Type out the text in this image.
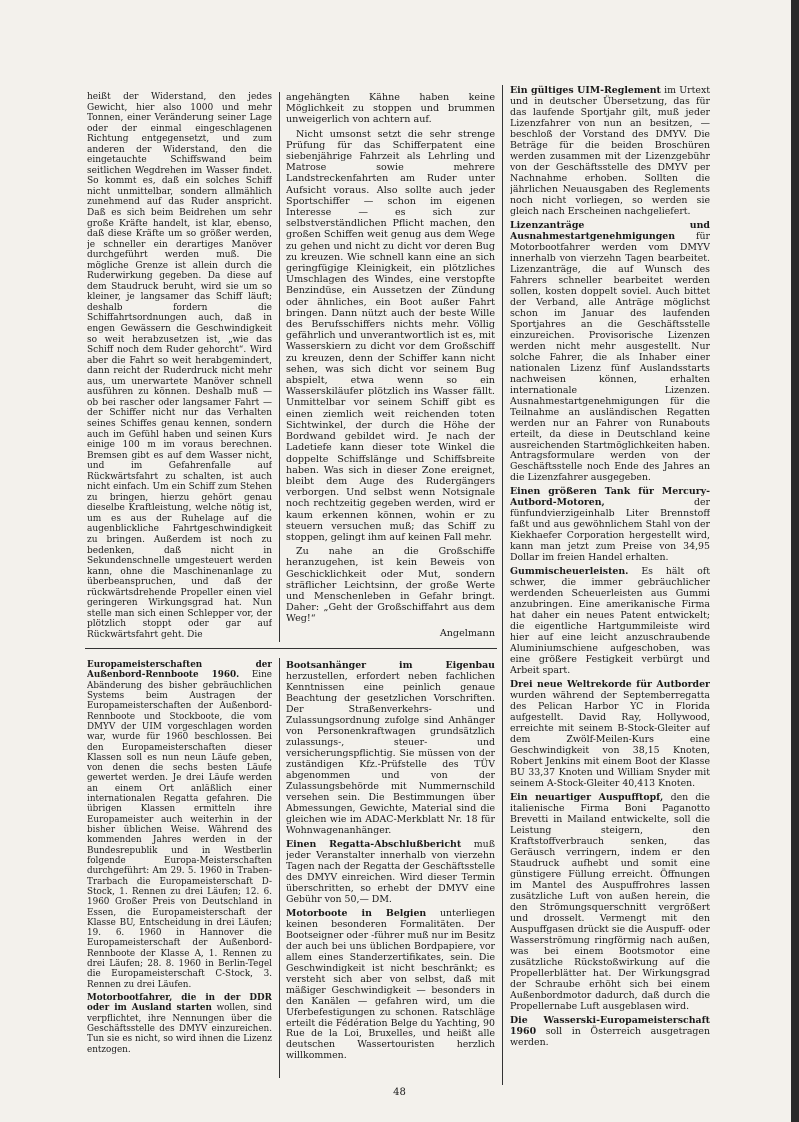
heißt der Widerstand, den jedes Gewicht, hier also 1000 und mehr Tonnen, einer Veränderung seiner Lage oder der einmal eingeschlagenen Richtung entgegensetzt, und zum anderen der Widerstand, den die eingetauchte Schiffswand beim seitlichen Wegdrehen im Wasser findet. So kommt es, daß ein solches Schiff nicht unmittelbar, sondern allmählich zunehmend auf das Ruder anspricht. Daß es sich beim Beidrehen um sehr große Kräfte handelt, ist klar, ebenso, daß diese Kräfte um so größer werden, je schneller ein derartiges Manöver durchgeführt werden muß. Die mögliche Grenze ist allein durch die Ruderwirkung gegeben. Da diese auf dem Staudruck beruht, wird sie um so kleiner, je langsamer das Schiff läuft; deshalb fordern die Schiffahrtsordnungen auch, daß in engen Gewässern die Geschwindigkeit so weit herabzusetzen ist, „wie das Schiff noch dem Ruder gehorcht“. Wird aber die Fahrt so weit herabgemindert, dann reicht der Ruderdruck nicht mehr aus, um unerwartete Manöver schnell ausführen zu können. Deshalb muß — ob bei rascher oder langsamer Fahrt — der Schiffer nicht nur das Verhalten seines Schiffes genau kennen, sondern auch im Gefühl haben und seinen Kurs einige 100 m im voraus berechnen. Bremsen gibt es auf dem Wasser nicht, und im Gefahrenfalle auf Rückwärtsfahrt zu schalten, ist auch nicht einfach. Um ein Schiff zum Stehen zu bringen, hierzu gehört genau dieselbe Kraftleistung, welche nötig ist, um es aus der Ruhelage auf die augenblickliche Fahrtgeschwindigkeit zu bringen. Außerdem ist noch zu bedenken, daß nicht in Sekundenschnelle umgesteuert werden kann, ohne die Maschinenanlage zu überbeanspruchen, und daß der rückwärtsdrehende Propeller einen viel geringeren Wirkungsgrad hat. Nun stelle man sich einen Schlepper vor, der plötzlich stoppt oder gar auf Rückwärtsfahrt geht. Die

angehängten Kähne haben keine Möglichkeit zu stoppen und brummen unweigerlich von achtern auf.

Nicht umsonst setzt die sehr strenge Prüfung für das Schifferpatent eine siebenjährige Fahrzeit als Lehrling und Matrose sowie mehrere Landstreckenfahrten am Ruder unter Aufsicht voraus. Also sollte auch jeder Sportschiffer — schon im eigenen Interesse — es sich zur selbstverständlichen Pflicht machen, den großen Schiffen weit genug aus dem Wege zu gehen und nicht zu dicht vor deren Bug zu kreuzen. Wie schnell kann eine an sich geringfügige Kleinigkeit, ein plötzliches Umschlagen des Windes, eine verstopfte Benzindüse, ein Aussetzen der Zündung oder ähnliches, ein Boot außer Fahrt bringen. Dann nützt auch der beste Wille des Berufsschiffers nichts mehr. Völlig gefährlich und unverantwortlich ist es, mit Wasserskiern zu dicht vor dem Großschiff zu kreuzen, denn der Schiffer kann nicht sehen, was sich dicht vor seinem Bug abspielt, etwa wenn so ein Wasserskiläufer plötzlich ins Wasser fällt. Unmittelbar vor seinem Schiff gibt es einen ziemlich weit reichenden toten Sichtwinkel, der durch die Höhe der Bordwand gebildet wird. Je nach der Ladetiefe kann dieser tote Winkel die doppelte Schiffslänge und Schiffsbreite haben. Was sich in dieser Zone ereignet, bleibt dem Auge des Rudergängers verborgen. Und selbst wenn Notsignale noch rechtzeitig gegeben werden, wird er kaum erkennen können, wohin er zu steuern versuchen muß; das Schiff zu stoppen, gelingt ihm auf keinen Fall mehr.

Zu nahe an die Großschiffe heranzugehen, ist kein Beweis von Geschicklichkeit oder Mut, sondern sträflicher Leichtsinn, der große Werte und Menschenleben in Gefahr bringt. Daher: „Geht der Großschiffahrt aus dem Weg!“

Angelmann

Europameisterschaften der Außenbord-Rennboote 1960. Eine Abänderung des bisher gebräuchlichen Systems beim Austragen der Europameisterschaften der Außenbord-Rennboote und Stockboote, die vom DMYV der UIM vorgeschlagen worden war, wurde für 1960 beschlossen. Bei den Europameisterschaften dieser Klassen soll es nun neun Läufe geben, von denen die sechs besten Läufe gewertet werden. Je drei Läufe werden an einem Ort anläßlich einer internationalen Regatta gefahren. Die übrigen Klassen ermitteln ihre Europameister auch weiterhin in der bisher üblichen Weise. Während des kommenden Jahres werden in der Bundesrepublik und in Westberlin folgende Europa-Meisterschaften durchgeführt: Am 29. 5. 1960 in Traben-Trarbach die Europameisterschaft D-Stock, 1. Rennen zu drei Läufen; 12. 6. 1960 Großer Preis von Deutschland in Essen, die Europameisterschaft der Klasse BU, Entscheidung in drei Läufen; 19. 6. 1960 in Hannover die Europameisterschaft der Außenbord-Rennboote der Klasse A, 1. Rennen zu drei Läufen; 28. 8. 1960 in Berlin-Tegel die Europameisterschaft C-Stock, 3. Rennen zu drei Läufen.

Motorbootfahrer, die in der DDR oder im Ausland starten wollen, sind verpflichtet, ihre Nennungen über die Geschäftsstelle des DMYV einzureichen. Tun sie es nicht, so wird ihnen die Lizenz entzogen.

Bootsanhänger im Eigenbau herzustellen, erfordert neben fachlichen Kenntnissen eine peinlich genaue Beachtung der gesetzlichen Vorschriften. Der Straßenverkehrs- und Zulassungsordnung zufolge sind Anhänger von Personenkraftwagen grundsätzlich zulassungs-, steuer- und versicherungspflichtig. Sie müssen von der zuständigen Kfz.-Prüfstelle des TÜV abgenommen und von der Zulassungsbehörde mit Nummernschild versehen sein. Die Bestimmungen über Abmessungen, Gewichte, Material sind die gleichen wie im ADAC-Merkblatt Nr. 18 für Wohnwagenanhänger.

Einen Regatta-Abschlußbericht muß jeder Veranstalter innerhalb von vierzehn Tagen nach der Regatta der Geschäftsstelle des DMYV einreichen. Wird dieser Termin überschritten, so erhebt der DMYV eine Gebühr von 50,— DM.

Motorboote in Belgien unterliegen keinen besonderen Formalitäten. Der Bootseigner oder -führer muß nur im Besitz der auch bei uns üblichen Bordpapiere, vor allem eines Standerzertifikates, sein. Die Geschwindigkeit ist nicht beschränkt; es versteht sich aber von selbst, daß mit mäßiger Geschwindigkeit — besonders in den Kanälen — gefahren wird, um die Uferbefestigungen zu schonen. Ratschläge erteilt die Fédération Belge du Yachting, 90 Rue de la Loi, Bruxelles, und heißt alle deutschen Wassertouristen herzlich willkommen.

Ein gültiges UIM-Reglement im Urtext und in deutscher Übersetzung, das für das laufende Sportjahr gilt, muß jeder Lizenzfahrer von nun an besitzen, — beschloß der Vorstand des DMYV. Die Beträge für die beiden Broschüren werden zusammen mit der Lizenzgebühr von der Geschäftsstelle des DMYV per Nachnahme erhoben. Sollten die jährlichen Neuausgaben des Reglements noch nicht vorliegen, so werden sie gleich nach Erscheinen nachgeliefert.

Lizenzanträge und Ausnahmestartgenehmigungen für Motorbootfahrer werden vom DMYV innerhalb von vierzehn Tagen bearbeitet. Lizenzanträge, die auf Wunsch des Fahrers schneller bearbeitet werden sollen, kosten doppelt soviel. Auch bittet der Verband, alle Anträge möglichst schon im Januar des laufenden Sportjahres an die Geschäftsstelle einzureichen. Provisorische Lizenzen werden nicht mehr ausgestellt. Nur solche Fahrer, die als Inhaber einer nationalen Lizenz fünf Auslandsstarts nachweisen können, erhalten internationale Lizenzen. Ausnahmestartgenehmigungen für die Teilnahme an ausländischen Regatten werden nur an Fahrer von Runabouts erteilt, da diese in Deutschland keine ausreichenden Startmöglichkeiten haben. Antragsformulare werden von der Geschäftsstelle noch Ende des Jahres an die Lizenzfahrer ausgegeben.

Einen größeren Tank für Mercury-Autbord-Motoren,	der fünfundvierzigeinhalb Liter Brennstoff faßt und aus gewöhnlichem Stahl von der Kiekhaefer Corporation hergestellt wird, kann man jetzt zum Preise von 34,95 Dollar im freien Handel erhalten.

Gummischeuerleisten. Es hält oft schwer, die immer gebräuchlicher werdenden Scheuerleisten aus Gummi anzubringen. Eine amerikanische Firma hat daher ein neues Patent entwickelt; die eigentliche Hartgummileiste wird hier auf eine leicht anzuschraubende Aluminiumschiene aufgeschoben, was eine größere Festigkeit verbürgt und Arbeit spart.

Drei neue Weltrekorde für Autborder wurden während der Septemberregatta des Pelican Harbor YC in Florida aufgestellt. David Ray, Hollywood, erreichte mit seinem B-Stock-Gleiter auf dem Zwölf-Meilen-Kurs eine Geschwindigkeit von 38,15 Knoten, Robert Jenkins mit einem Boot der Klasse BU 33,37 Knoten und William Snyder mit seinem A-Stock-Gleiter 40,413 Knoten.

Ein neuartiger Auspufftopf, den die italienische Firma Boni Paganotto Brevetti in Mailand entwickelte, soll die Leistung steigern, den Kraftstoffverbrauch senken, das Geräusch verringern, indem er den Staudruck aufhebt und somit eine günstigere Füllung erreicht. Öffnungen im Mantel des Auspuffrohres lassen zusätzliche Luft von außen herein, die den Strömungsquerschnitt vergrößert und drosselt. Vermengt mit den Auspuffgasen drückt sie die Auspuff- oder Wasserströmung ringförmig nach außen, was bei einem Bootsmotor eine zusätzliche Rückstoßwirkung auf die Propellerblätter hat. Der Wirkungsgrad der Schraube erhöht sich bei einem Außenbordmotor dadurch, daß durch die Propellernabe Luft ausgeblasen wird.

Die Wasserski-Europameisterschaft 1960 soll in Österreich ausgetragen werden.

48
